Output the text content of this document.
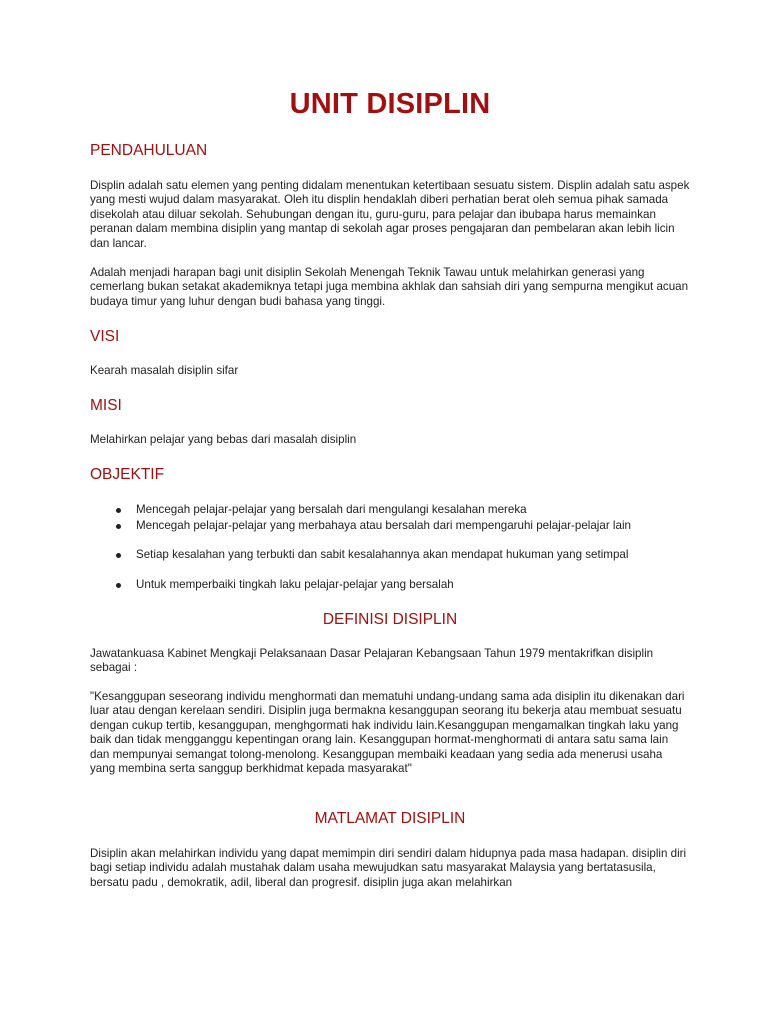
UNIT DISIPLIN
PENDAHULUAN

Displin adalah satu elemen yang penting didalam menentukan ketertibaan sesuatu sistem. Displin adalah satu aspek yang mesti wujud dalam masyarakat. Oleh itu displin hendaklah diberi perhatian berat oleh semua pihak samada disekolah atau diluar sekolah. Sehubungan dengan itu, guru-guru, para pelajar dan ibubapa harus memainkan peranan dalam membina disiplin yang mantap di sekolah agar proses pengajaran dan pembelaran akan lebih licin dan lancar.

Adalah menjadi harapan bagi unit disiplin Sekolah Menengah Teknik Tawau untuk melahirkan generasi yang cemerlang bukan setakat akademiknya tetapi juga membina akhlak dan sahsiah diri yang sempurna mengikut acuan budaya timur yang luhur dengan budi bahasa yang tinggi.

VISI

Kearah masalah disiplin sifar

MISI

Melahirkan pelajar yang bebas dari masalah disiplin

OBJEKTIF
Mencegah pelajar-pelajar yang bersalah dari mengulangi kesalahan mereka
Mencegah pelajar-pelajar yang merbahaya atau bersalah dari mempengaruhi pelajar-pelajar lain
Setiap kesalahan yang terbukti dan sabit kesalahannya akan mendapat hukuman yang setimpal
Untuk memperbaiki tingkah laku pelajar-pelajar yang bersalah
DEFINISI DISIPLIN

Jawatankuasa Kabinet Mengkaji Pelaksanaan Dasar Pelajaran Kebangsaan Tahun 1979 mentakrifkan disiplin sebagai :

"Kesanggupan seseorang individu menghormati dan mematuhi undang-undang sama ada disiplin itu dikenakan dari luar atau dengan kerelaan sendiri. Disiplin juga bermakna kesanggupan seorang itu bekerja atau membuat sesuatu dengan cukup tertib, kesanggupan, menghgormati hak individu lain.Kesanggupan mengamalkan tingkah laku yang baik dan tidak mengganggu kepentingan orang lain. Kesanggupan hormat-menghormati di antara satu sama lain dan mempunyai semangat tolong-menolong. Kesanggupan membaiki keadaan yang sedia ada menerusi usaha yang membina serta sanggup berkhidmat kepada masyarakat"

MATLAMAT DISIPLIN

Disiplin akan melahirkan individu yang dapat memimpin diri sendiri dalam hidupnya pada masa hadapan. disiplin diri bagi setiap individu adalah mustahak dalam usaha mewujudkan satu masyarakat Malaysia yang bertatasusila, bersatu padu , demokratik, adil, liberal dan progresif. disiplin juga akan melahirkan
